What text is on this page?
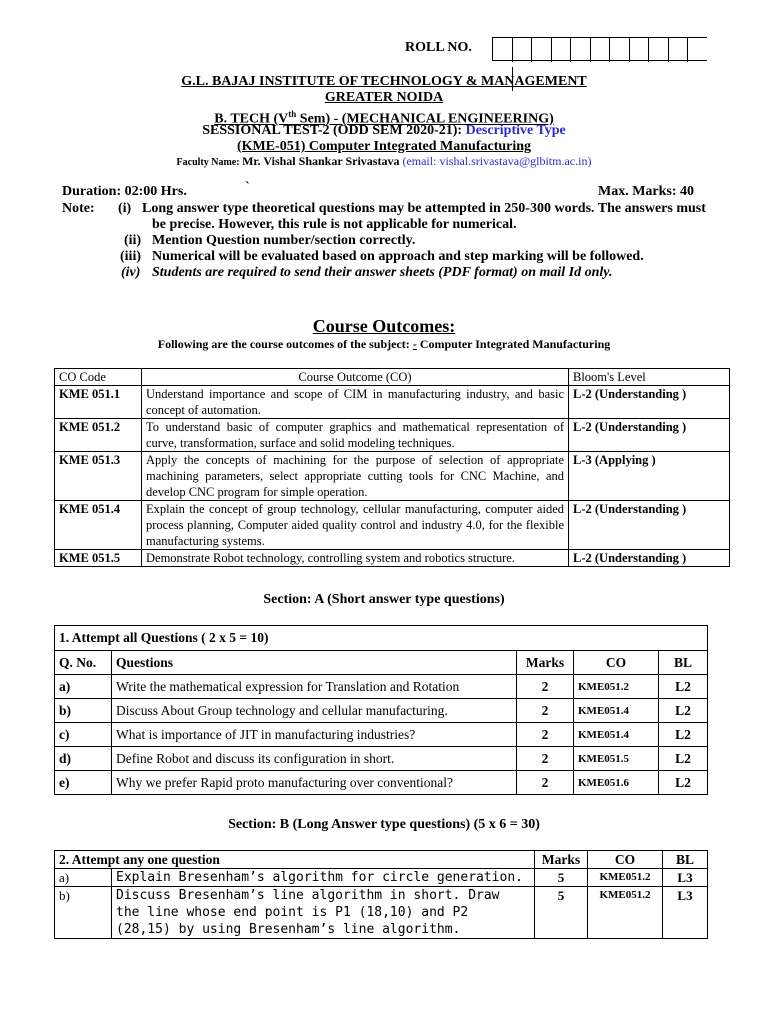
ROLL NO.
G.L. BAJAJ INSTITUTE OF TECHNOLOGY & MANAGEMENT
GREATER NOIDA
B. TECH (Vth Sem) - (MECHANICAL ENGINEERING)
SESSIONAL TEST-2 (ODD SEM 2020-21): Descriptive Type
(KME-051) Computer Integrated Manufacturing
Faculty Name: Mr. Vishal Shankar Srivastava (email: vishal.srivastava@glbitm.ac.in)
Duration: 02:00 Hrs.	`	Max. Marks: 40
Note: (i) Long answer type theoretical questions may be attempted in 250-300 words. The answers must
be precise. However, this rule is not applicable for numerical.
(ii) Mention Question number/section correctly.
(iii) Numerical will be evaluated based on approach and step marking will be followed.
(iv) Students are required to send their answer sheets (PDF format) on mail Id only.
Course Outcomes:
Following are the course outcomes of the subject: - Computer Integrated Manufacturing
CO Code	Course Outcome (CO)	Bloom's Level
KME 051.1	Understand importance and scope of CIM in manufacturing industry, and basic concept of automation.	L-2 (Understanding )
KME 051.2	To understand basic of computer graphics and mathematical representation of curve, transformation, surface and solid modeling techniques.	L-2 (Understanding )
KME 051.3	Apply the concepts of machining for the purpose of selection of appropriate machining parameters, select appropriate cutting tools for CNC Machine, and develop CNC program for simple operation.	L-3 (Applying )
KME 051.4	Explain the concept of group technology, cellular manufacturing, computer aided process planning, Computer aided quality control and industry 4.0, for the flexible manufacturing systems.	L-2 (Understanding )
KME 051.5	Demonstrate Robot technology, controlling system and robotics structure.	L-2 (Understanding )
Section: A (Short answer type questions)
1. Attempt all Questions ( 2 x 5 = 10)				
Q. No.	Questions	Marks	CO	BL
a)	Write the mathematical expression for Translation and Rotation	2	KME051.2	L2
b)	Discuss About Group technology and cellular manufacturing.	2	KME051.4	L2
c)	What is importance of JIT in manufacturing industries?	2	KME051.4	L2
d)	Define Robot and discuss its configuration in short.	2	KME051.5	L2
e)	Why we prefer Rapid proto manufacturing over conventional?	2	KME051.6	L2
Section: B (Long Answer type questions) (5 x 6 = 30)
2. Attempt any one question		Marks	CO	BL
a)	Explain Bresenham’s algorithm for circle generation.	5	KME051.2	L3
b)	Discuss Bresenham’s line algorithm in short. Draw the line whose end point is P1 (18,10) and P2 (28,15) by using Bresenham’s line algorithm.	5	KME051.2	L3
